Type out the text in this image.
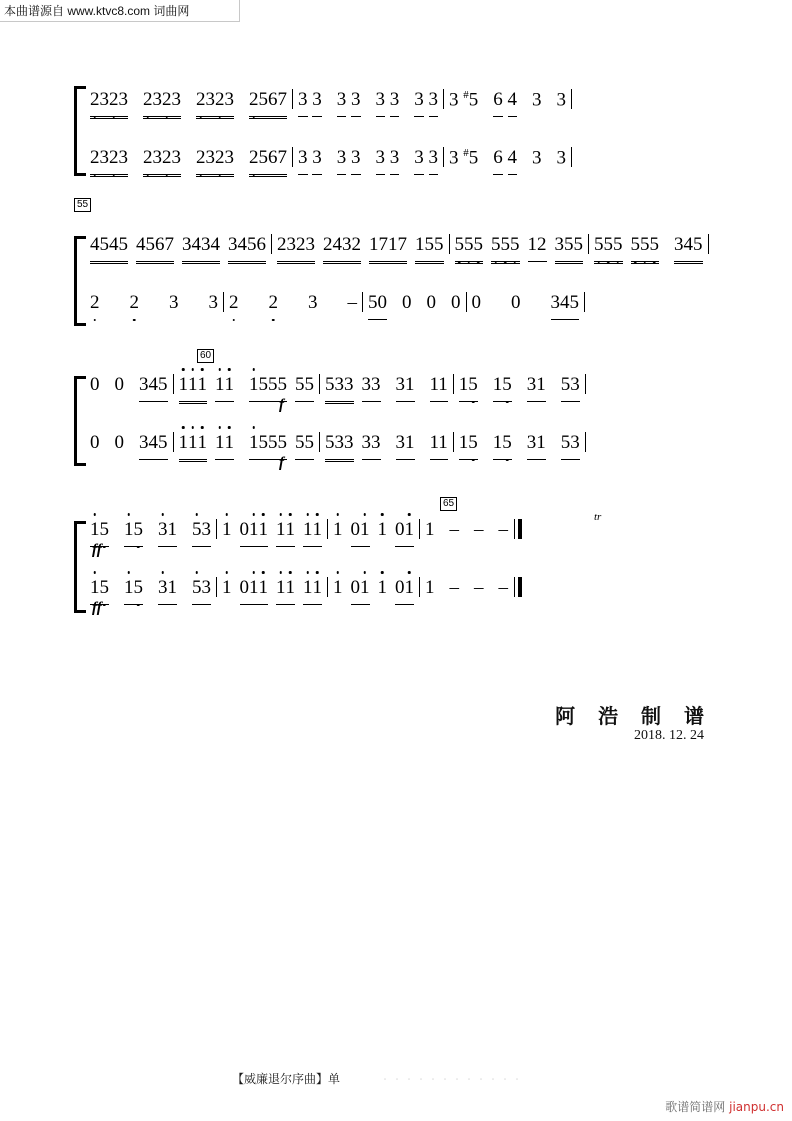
本曲谱源自 www.ktvc8.com 词曲网
2323 2323 2323 2567 3 3 3 3 3 3 3 3 3 #5 6 4 3 3
2323 2323 2323 2567 3 3 3 3 3 3 3 3 3 #5 6 4 3 3
55
4545 4567 3434 3456 2323 2432 1717 155 555 555 12 355 555 555 345
2 2 3 3 2 2 3 – 50 0 0 0 0 0 345
60
0 0 345 111 11 1555 55 533 33 31 11 15 15 31 53
f
0 0 345 111 11 1555 55 533 33 31 11 15 15 31 53
f
65
15 15 31 53 1 011 11 11 1 01 1 01 1 – – –
tr
ff
15 15 31 53 1 011 11 11 1 01 1 01 1 – – –
ff
阿 浩 制 谱
2018. 12. 24
【威廉退尔序曲】单	・・・・・・・・・・・・
歌谱简谱网 jianpu.cn
